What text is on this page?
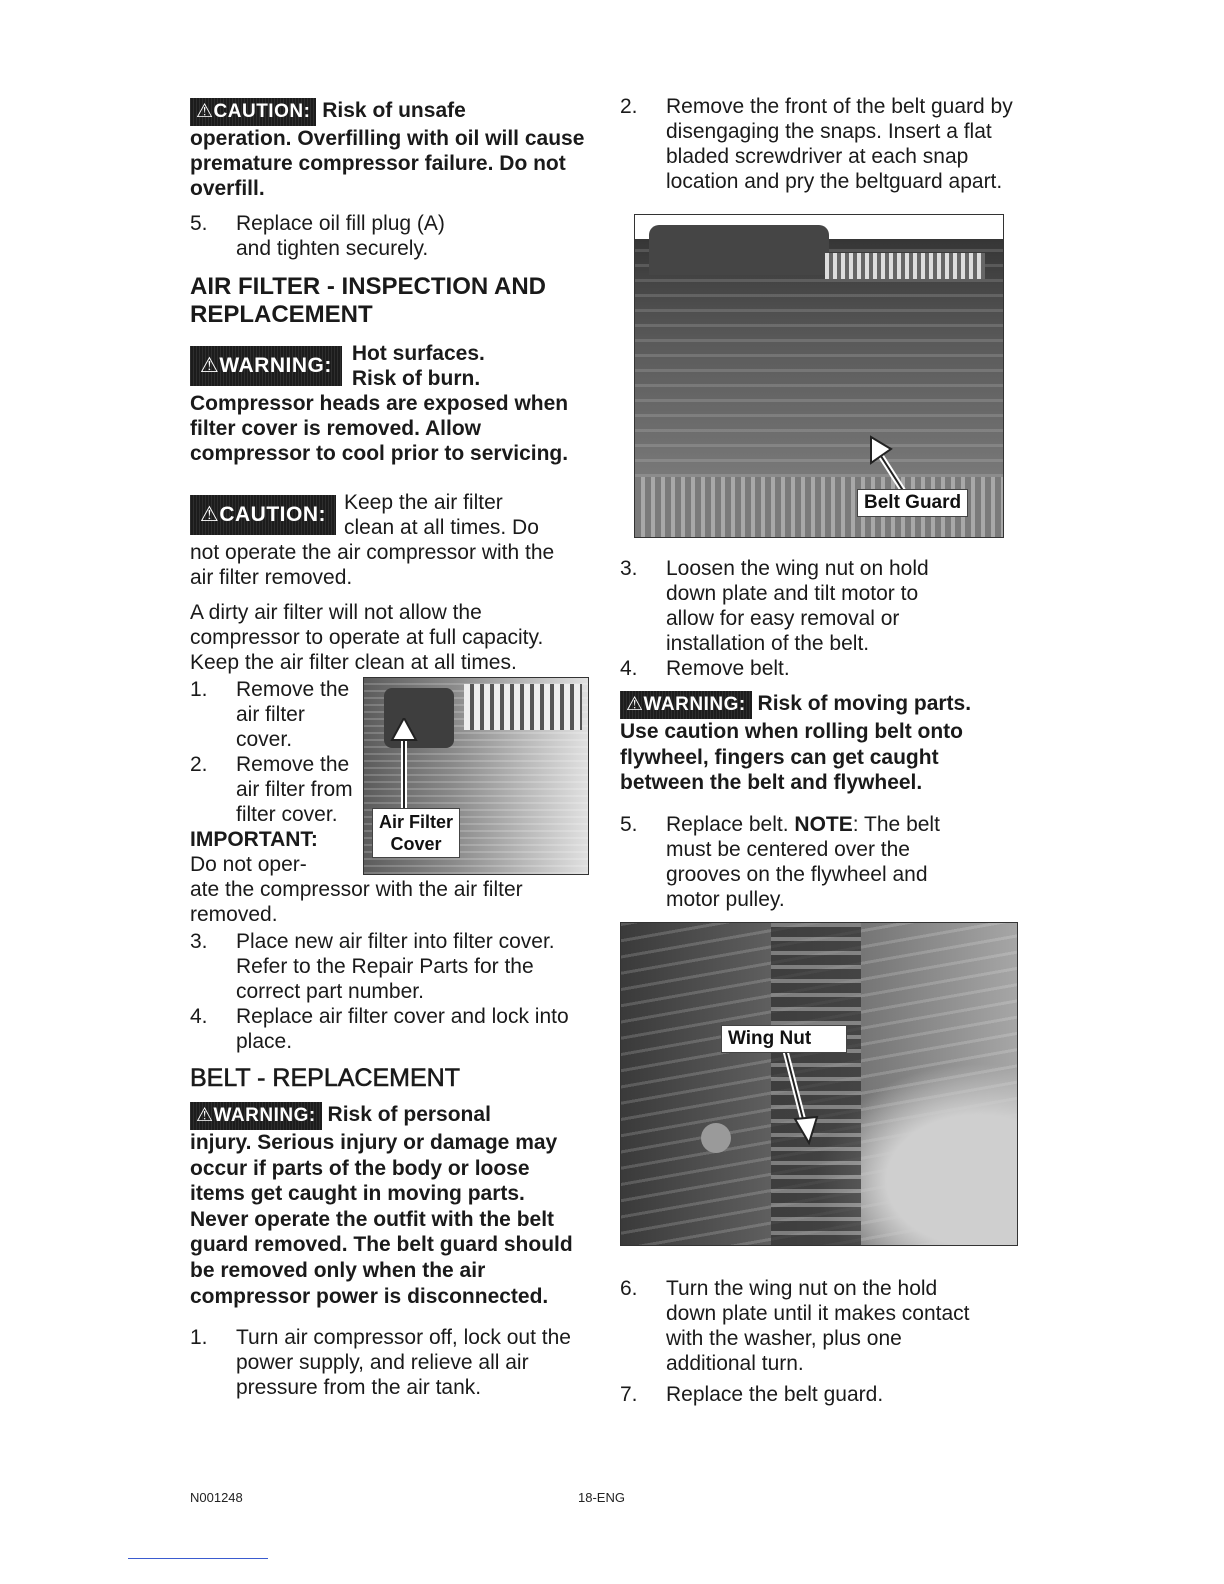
⚠CAUTION: Risk of unsafe
operation. Overfilling with oil will cause premature compressor failure. Do not overfill.
5.	Replace oil fill plug (A) and tighten securely.
AIR FILTER - INSPECTION AND REPLACEMENT
⚠WARNING:
Hot surfaces.
Risk of burn.
Compressor heads are exposed when filter cover is removed. Allow compressor to cool prior to servicing.
⚠CAUTION:
Keep the air filter
clean at all times. Do
not operate the air compressor with the air filter removed.
A dirty air filter will not allow the compressor to operate at full capacity. Keep the air filter clean at all times.
1.	Remove the air filter cover.
2.	Remove the air filter from filter cover.
IMPORTANT:
Do not oper-
Air Filter
Cover
ate the compressor with the air filter removed.
3.	Place new air filter into filter cover. Refer to the Repair Parts for the correct part number.
4.	Replace air filter cover and lock into place.
BELT - REPLACEMENT
⚠WARNING: Risk of personal
injury. Serious injury or damage may occur if parts of the body or loose items get caught in moving parts. Never operate the outfit with the belt guard removed. The belt guard should be removed only when the air compressor power is disconnected.
1.	Turn air compressor off, lock out the power supply, and relieve all air pressure from the air tank.
2.	Remove the front of the belt guard by disengaging the snaps. Insert a flat bladed screwdriver at each snap location and pry the beltguard apart.
Belt Guard
3.	Loosen the wing nut on hold down plate and tilt motor to allow for easy removal or installation of the belt.
4.	Remove belt.
⚠WARNING: Risk of moving parts.
Use caution when rolling belt onto flywheel, fingers can get caught between the belt and flywheel.
5.	Replace belt. NOTE: The belt must be centered over the grooves on the flywheel and motor pulley.
Wing Nut
6.	Turn the wing nut on the hold down plate until it makes contact with the washer, plus one additional turn.
7.	Replace the belt guard.
N001248	18-ENG
